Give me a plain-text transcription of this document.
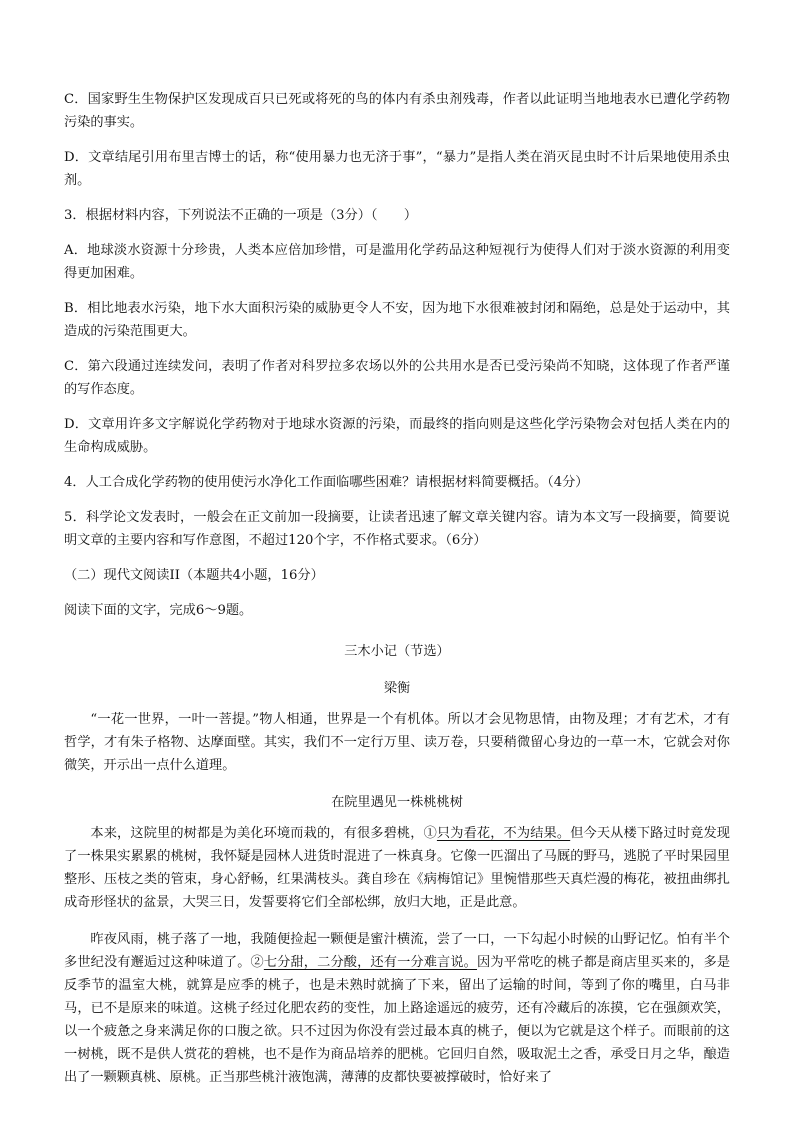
C．国家野生生物保护区发现成百只已死或将死的鸟的体内有杀虫剂残毒，作者以此证明当地地表水已遭化学药物污染的事实。

D．文章结尾引用布里吉博士的话，称“使用暴力也无济于事”，“暴力”是指人类在消灭昆虫时不计后果地使用杀虫剂。

3．根据材料内容，下列说法不正确的一项是（3分）（　　）

A．地球淡水资源十分珍贵，人类本应倍加珍惜，可是滥用化学药品这种短视行为使得人们对于淡水资源的利用变得更加困难。

B．相比地表水污染，地下水大面积污染的威胁更令人不安，因为地下水很难被封闭和隔绝，总是处于运动中，其造成的污染范围更大。

C．第六段通过连续发问，表明了作者对科罗拉多农场以外的公共用水是否已受污染尚不知晓，这体现了作者严谨的写作态度。

D．文章用许多文字解说化学药物对于地球水资源的污染，而最终的指向则是这些化学污染物会对包括人类在内的生命构成威胁。

4．人工合成化学药物的使用使污水净化工作面临哪些困难？请根据材料简要概括。（4分）

5．科学论文发表时，一般会在正文前加一段摘要，让读者迅速了解文章关键内容。请为本文写一段摘要，简要说明文章的主要内容和写作意图，不超过120个字，不作格式要求。（6分）

（二）现代文阅读II（本题共4小题，16分）

阅读下面的文字，完成6～9题。

三木小记（节选）

梁衡

“一花一世界，一叶一菩提。”物人相通，世界是一个有机体。所以才会见物思情，由物及理；才有艺术，才有哲学，才有朱子格物、达摩面壁。其实，我们不一定行万里、读万卷，只要稍微留心身边的一草一木，它就会对你微笑，开示出一点什么道理。

在院里遇见一株桃桃树

本来，这院里的树都是为美化环境而栽的，有很多碧桃，①只为看花，不为结果。但今天从楼下路过时竟发现了一株果实累累的桃树，我怀疑是园林人进货时混进了一株真身。它像一匹溜出了马厩的野马，逃脱了平时果园里整形、压枝之类的管束，身心舒畅，红果满枝头。龚自珍在《病梅馆记》里惋惜那些天真烂漫的梅花，被扭曲绑扎成奇形怪状的盆景，大哭三日，发誓要将它们全部松绑，放归大地，正是此意。

昨夜风雨，桃子落了一地，我随便捡起一颗便是蜜汁横流，尝了一口，一下勾起小时候的山野记忆。怕有半个多世纪没有邂逅过这种味道了。②七分甜，二分酸，还有一分难言说。因为平常吃的桃子都是商店里买来的，多是反季节的温室大桃，就算是应季的桃子，也是未熟时就摘了下来，留出了运输的时间，等到了你的嘴里，白马非马，已不是原来的味道。这桃子经过化肥农药的变性，加上路途遥远的疲劳，还有冷藏后的冻摸，它在强颜欢笑，以一个疲惫之身来满足你的口腹之欲。只不过因为你没有尝过最本真的桃子，便以为它就是这个样子。而眼前的这一树桃，既不是供人赏花的碧桃，也不是作为商品培养的肥桃。它回归自然，吸取泥土之香，承受日月之华，酿造出了一颗颗真桃、原桃。正当那些桃汁液饱满，薄薄的皮都快要被撑破时，恰好来了
